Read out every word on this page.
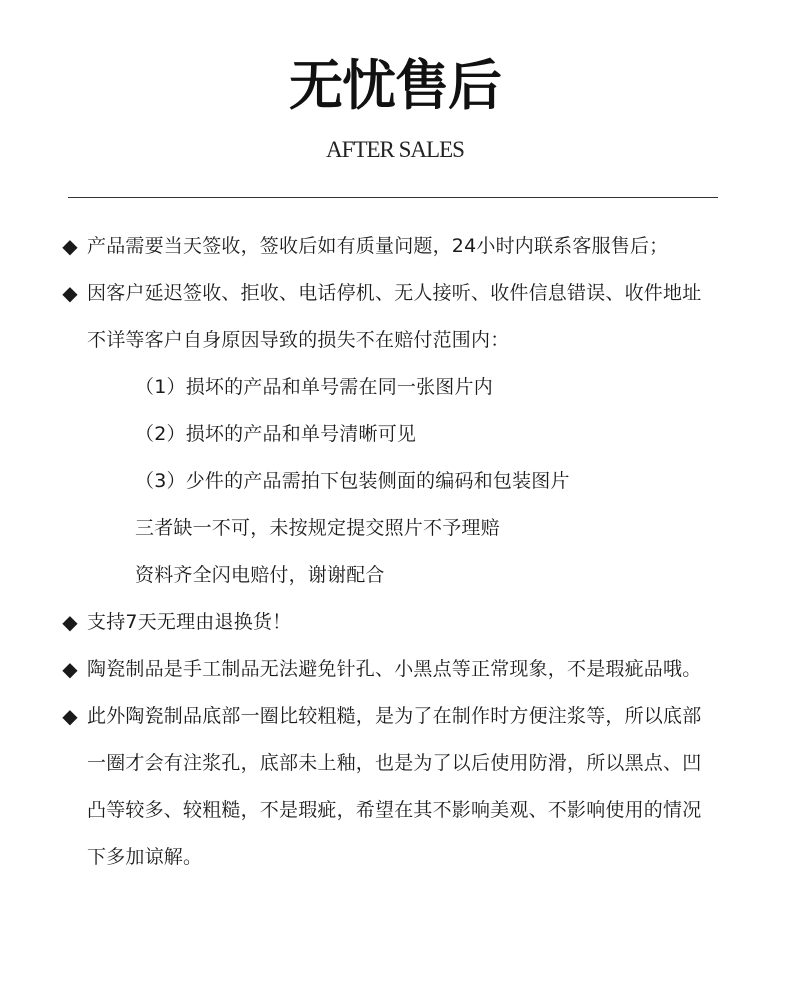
无忧售后
AFTER SALES
◆ 产品需要当天签收，签收后如有质量问题，24小时内联系客服售后；
◆ 因客户延迟签收、拒收、电话停机、无人接听、收件信息错误、收件地址不详等客户自身原因导致的损失不在赔付范围内：
（1）损坏的产品和单号需在同一张图片内
（2）损坏的产品和单号清晰可见
（3）少件的产品需拍下包装侧面的编码和包装图片
三者缺一不可，未按规定提交照片不予理赔
资料齐全闪电赔付，谢谢配合
◆ 支持7天无理由退换货！
◆ 陶瓷制品是手工制品无法避免针孔、小黑点等正常现象，不是瑕疵品哦。
◆ 此外陶瓷制品底部一圈比较粗糙，是为了在制作时方便注浆等，所以底部一圈才会有注浆孔，底部未上釉，也是为了以后使用防滑，所以黑点、凹凸等较多、较粗糙，不是瑕疵，希望在其不影响美观、不影响使用的情况下多加谅解。
